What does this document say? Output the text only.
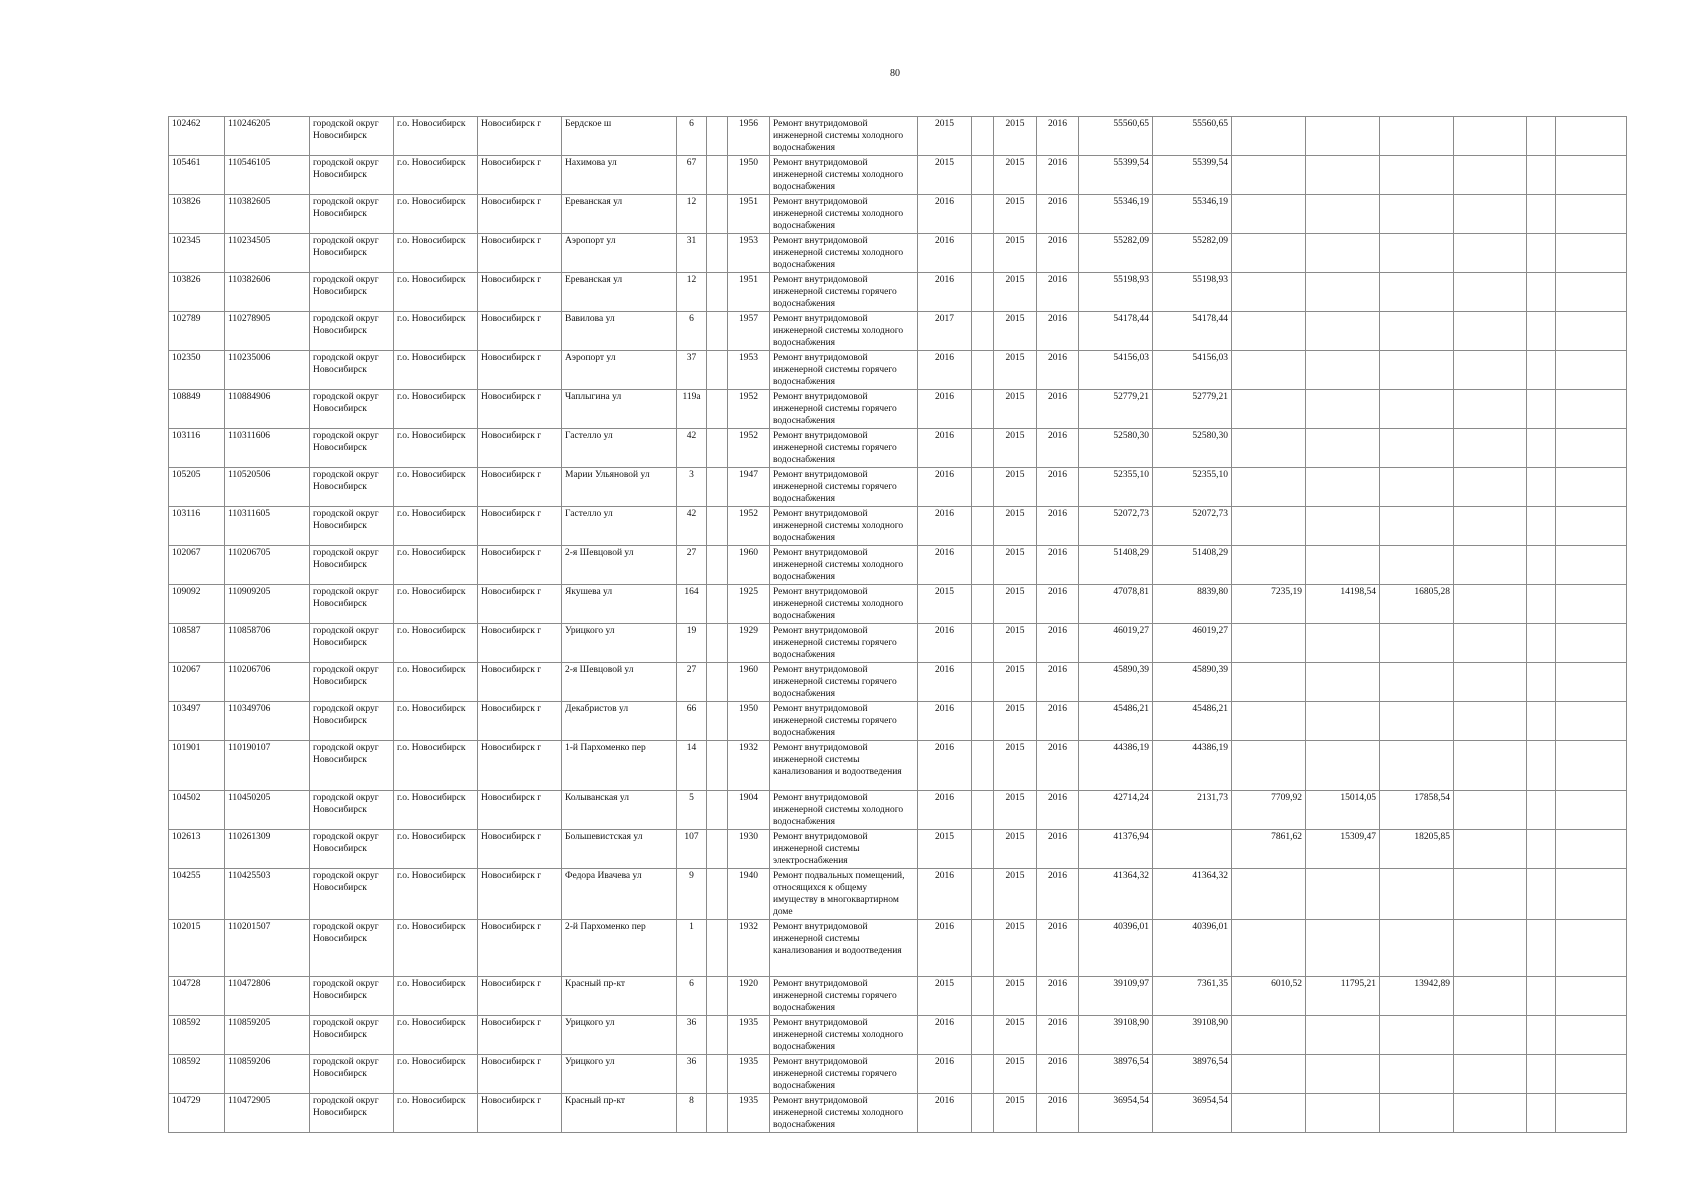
80
102462	110246205	городской округ Новосибирск	г.о. Новосибирск	Новосибирск г	Бердское ш	6		1956	Ремонт внутридомовой инженерной системы холодного водоснабжения	2015		2015	2016	55560,65	55560,65						
105461	110546105	городской округ Новосибирск	г.о. Новосибирск	Новосибирск г	Нахимова ул	67		1950	Ремонт внутридомовой инженерной системы холодного водоснабжения	2015		2015	2016	55399,54	55399,54						
103826	110382605	городской округ Новосибирск	г.о. Новосибирск	Новосибирск г	Ереванская ул	12		1951	Ремонт внутридомовой инженерной системы холодного водоснабжения	2016		2015	2016	55346,19	55346,19						
102345	110234505	городской округ Новосибирск	г.о. Новосибирск	Новосибирск г	Аэропорт ул	31		1953	Ремонт внутридомовой инженерной системы холодного водоснабжения	2016		2015	2016	55282,09	55282,09						
103826	110382606	городской округ Новосибирск	г.о. Новосибирск	Новосибирск г	Ереванская ул	12		1951	Ремонт внутридомовой инженерной системы горячего водоснабжения	2016		2015	2016	55198,93	55198,93						
102789	110278905	городской округ Новосибирск	г.о. Новосибирск	Новосибирск г	Вавилова ул	6		1957	Ремонт внутридомовой инженерной системы холодного водоснабжения	2017		2015	2016	54178,44	54178,44						
102350	110235006	городской округ Новосибирск	г.о. Новосибирск	Новосибирск г	Аэропорт ул	37		1953	Ремонт внутридомовой инженерной системы горячего водоснабжения	2016		2015	2016	54156,03	54156,03						
108849	110884906	городской округ Новосибирск	г.о. Новосибирск	Новосибирск г	Чаплыгина ул	119а		1952	Ремонт внутридомовой инженерной системы горячего водоснабжения	2016		2015	2016	52779,21	52779,21						
103116	110311606	городской округ Новосибирск	г.о. Новосибирск	Новосибирск г	Гастелло ул	42		1952	Ремонт внутридомовой инженерной системы горячего водоснабжения	2016		2015	2016	52580,30	52580,30						
105205	110520506	городской округ Новосибирск	г.о. Новосибирск	Новосибирск г	Марии Ульяновой ул	3		1947	Ремонт внутридомовой инженерной системы горячего водоснабжения	2016		2015	2016	52355,10	52355,10						
103116	110311605	городской округ Новосибирск	г.о. Новосибирск	Новосибирск г	Гастелло ул	42		1952	Ремонт внутридомовой инженерной системы холодного водоснабжения	2016		2015	2016	52072,73	52072,73						
102067	110206705	городской округ Новосибирск	г.о. Новосибирск	Новосибирск г	2-я Шевцовой ул	27		1960	Ремонт внутридомовой инженерной системы холодного водоснабжения	2016		2015	2016	51408,29	51408,29						
109092	110909205	городской округ Новосибирск	г.о. Новосибирск	Новосибирск г	Якушева ул	164		1925	Ремонт внутридомовой инженерной системы холодного водоснабжения	2015		2015	2016	47078,81	8839,80	7235,19	14198,54	16805,28			
108587	110858706	городской округ Новосибирск	г.о. Новосибирск	Новосибирск г	Урицкого ул	19		1929	Ремонт внутридомовой инженерной системы горячего водоснабжения	2016		2015	2016	46019,27	46019,27						
102067	110206706	городской округ Новосибирск	г.о. Новосибирск	Новосибирск г	2-я Шевцовой ул	27		1960	Ремонт внутридомовой инженерной системы горячего водоснабжения	2016		2015	2016	45890,39	45890,39						
103497	110349706	городской округ Новосибирск	г.о. Новосибирск	Новосибирск г	Декабристов ул	66		1950	Ремонт внутридомовой инженерной системы горячего водоснабжения	2016		2015	2016	45486,21	45486,21						
101901	110190107	городской округ Новосибирск	г.о. Новосибирск	Новосибирск г	1-й Пархоменко пер	14		1932	Ремонт внутридомовой инженерной системы канализования и водоотведения	2016		2015	2016	44386,19	44386,19						
104502	110450205	городской округ Новосибирск	г.о. Новосибирск	Новосибирск г	Колыванская ул	5		1904	Ремонт внутридомовой инженерной системы холодного водоснабжения	2016		2015	2016	42714,24	2131,73	7709,92	15014,05	17858,54			
102613	110261309	городской округ Новосибирск	г.о. Новосибирск	Новосибирск г	Большевистская ул	107		1930	Ремонт внутридомовой инженерной системы электроснабжения	2015		2015	2016	41376,94		7861,62	15309,47	18205,85			
104255	110425503	городской округ Новосибирск	г.о. Новосибирск	Новосибирск г	Федора Ивачева ул	9		1940	Ремонт подвальных помещений, относящихся к общему имуществу в многоквартирном доме	2016		2015	2016	41364,32	41364,32						
102015	110201507	городской округ Новосибирск	г.о. Новосибирск	Новосибирск г	2-й Пархоменко пер	1		1932	Ремонт внутридомовой инженерной системы канализования и водоотведения	2016		2015	2016	40396,01	40396,01						
104728	110472806	городской округ Новосибирск	г.о. Новосибирск	Новосибирск г	Красный пр-кт	6		1920	Ремонт внутридомовой инженерной системы горячего водоснабжения	2015		2015	2016	39109,97	7361,35	6010,52	11795,21	13942,89			
108592	110859205	городской округ Новосибирск	г.о. Новосибирск	Новосибирск г	Урицкого ул	36		1935	Ремонт внутридомовой инженерной системы холодного водоснабжения	2016		2015	2016	39108,90	39108,90						
108592	110859206	городской округ Новосибирск	г.о. Новосибирск	Новосибирск г	Урицкого ул	36		1935	Ремонт внутридомовой инженерной системы горячего водоснабжения	2016		2015	2016	38976,54	38976,54						
104729	110472905	городской округ Новосибирск	г.о. Новосибирск	Новосибирск г	Красный пр-кт	8		1935	Ремонт внутридомовой инженерной системы холодного водоснабжения	2016		2015	2016	36954,54	36954,54						
